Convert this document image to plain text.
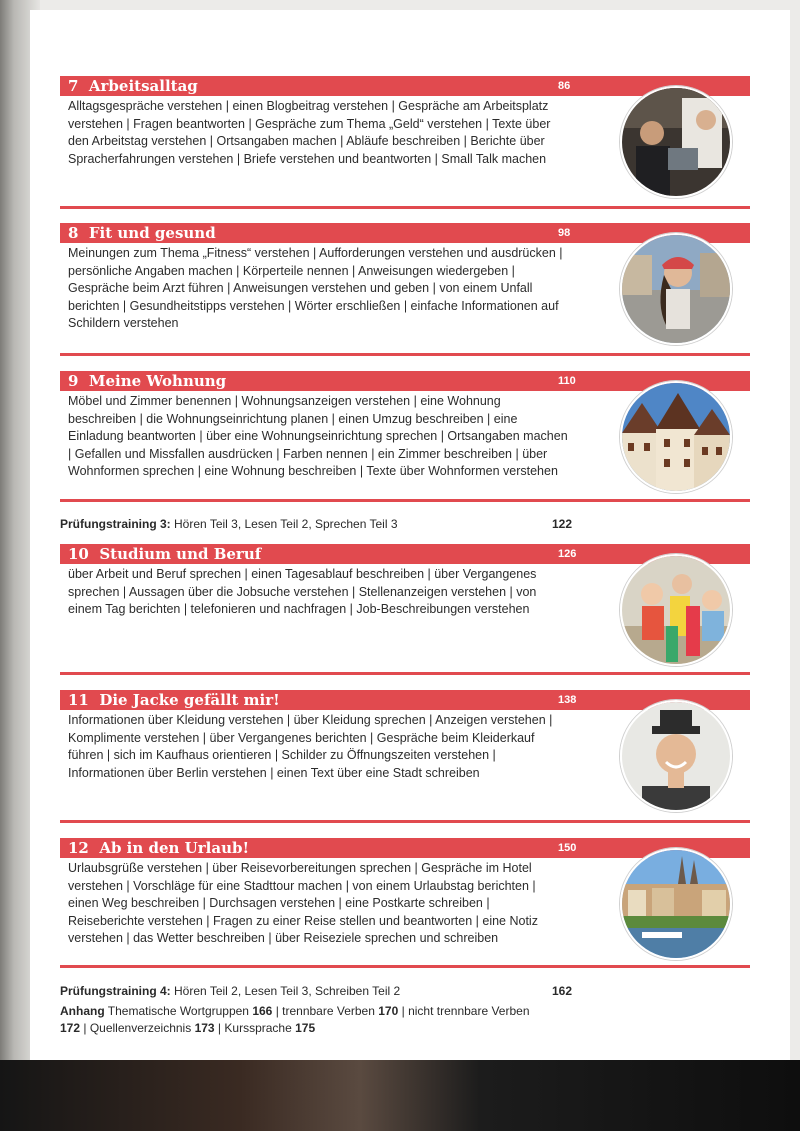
7 Arbeitsalltag	86

Alltagsgespräche verstehen | einen Blogbeitrag verstehen | Gespräche am Arbeitsplatz verstehen | Fragen beantworten | Gespräche zum Thema „Geld“ verstehen | Texte über den Arbeitstag verstehen | Ortsangaben machen | Abläufe beschreiben | Berichte über Spracherfahrungen verstehen | Briefe verstehen und beantworten | Small Talk machen

8 Fit und gesund	98

Meinungen zum Thema „Fitness“ verstehen | Aufforderungen verstehen und ausdrücken | persönliche Angaben machen | Körperteile nennen | Anweisungen wiedergeben | Gespräche beim Arzt führen | Anweisungen verstehen und geben | von einem Unfall berichten | Gesundheitstipps verstehen | Wörter erschließen | einfache Informationen auf Schildern verstehen

9 Meine Wohnung	110

Möbel und Zimmer benennen | Wohnungsanzeigen verstehen | eine Wohnung beschreiben | die Wohnungseinrichtung planen | einen Umzug beschreiben | eine Einladung beantworten | über eine Wohnungseinrichtung sprechen | Ortsangaben machen | Gefallen und Missfallen ausdrücken | Farben nennen | ein Zimmer beschreiben | über Wohnformen sprechen | eine Wohnung beschreiben | Texte über Wohnformen verstehen

Prüfungstraining 3: Hören Teil 3, Lesen Teil 2, Sprechen Teil 3	122
10 Studium und Beruf	126

über Arbeit und Beruf sprechen | einen Tagesablauf beschreiben | über Vergangenes sprechen | Aussagen über die Jobsuche verstehen | Stellenanzeigen verstehen | von einem Tag berichten | telefonieren und nachfragen | Job-Beschreibungen verstehen

11 Die Jacke gefällt mir!	138

Informationen über Kleidung verstehen | über Kleidung sprechen | Anzeigen verstehen | Komplimente verstehen | über Vergangenes berichten | Gespräche beim Kleiderkauf führen | sich im Kaufhaus orientieren | Schilder zu Öffnungszeiten verstehen | Informationen über Berlin verstehen | einen Text über eine Stadt schreiben

12 Ab in den Urlaub!	150

Urlaubsgrüße verstehen | über Reisevorbereitungen sprechen | Gespräche im Hotel verstehen | Vorschläge für eine Stadttour machen | von einem Urlaubstag berichten | einen Weg beschreiben | Durchsagen verstehen | eine Postkarte schreiben | Reiseberichte verstehen | Fragen zu einer Reise stellen und beantworten | eine Notiz verstehen | das Wetter beschreiben | über Reiseziele sprechen und schreiben

Prüfungstraining 4: Hören Teil 2, Lesen Teil 3, Schreiben Teil 2	162
Anhang Thematische Wortgruppen 166 | trennbare Verben 170 | nicht trennbare Verben 172 | Quellenverzeichnis 173 | Kurssprache 175
